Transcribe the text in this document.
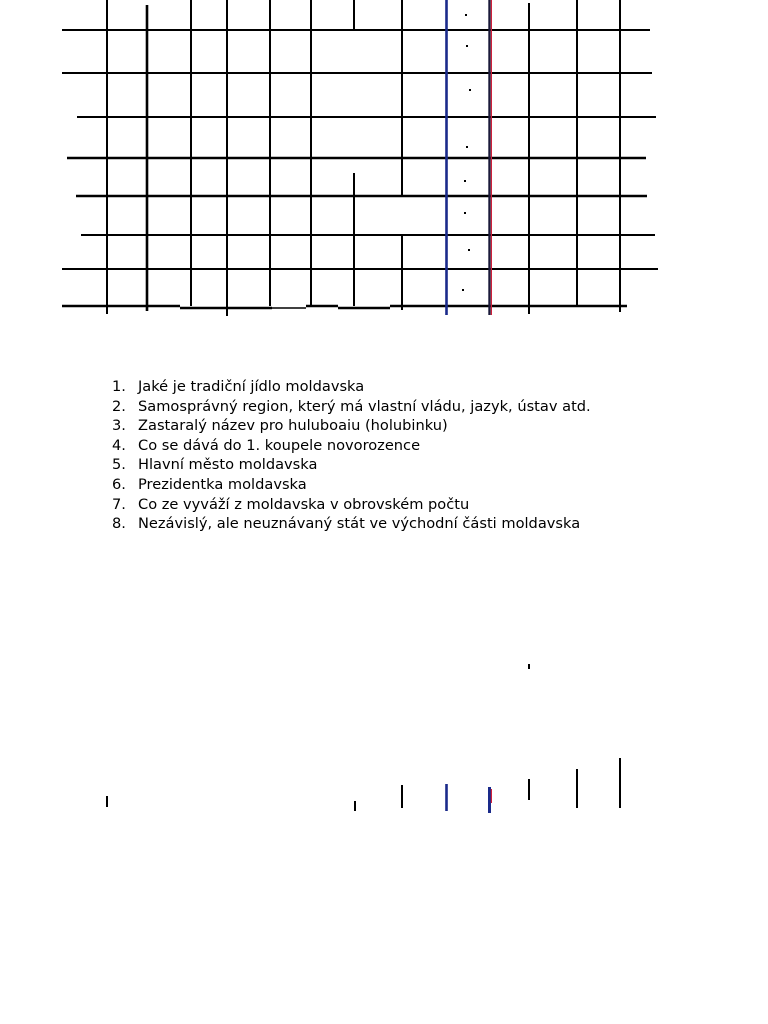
1. Jaké je tradiční jídlo moldavska
2. Samosprávný region, který má vlastní vládu, jazyk, ústav atd.
3. Zastaralý název pro huluboaiu (holubinku)
4. Co se dává do 1. koupele novorozence
5. Hlavní město moldavska
6. Prezidentka moldavska
7. Co ze vyváží z moldavska v obrovském počtu
8. Nezávislý, ale neuznávaný stát ve východní části moldavska
